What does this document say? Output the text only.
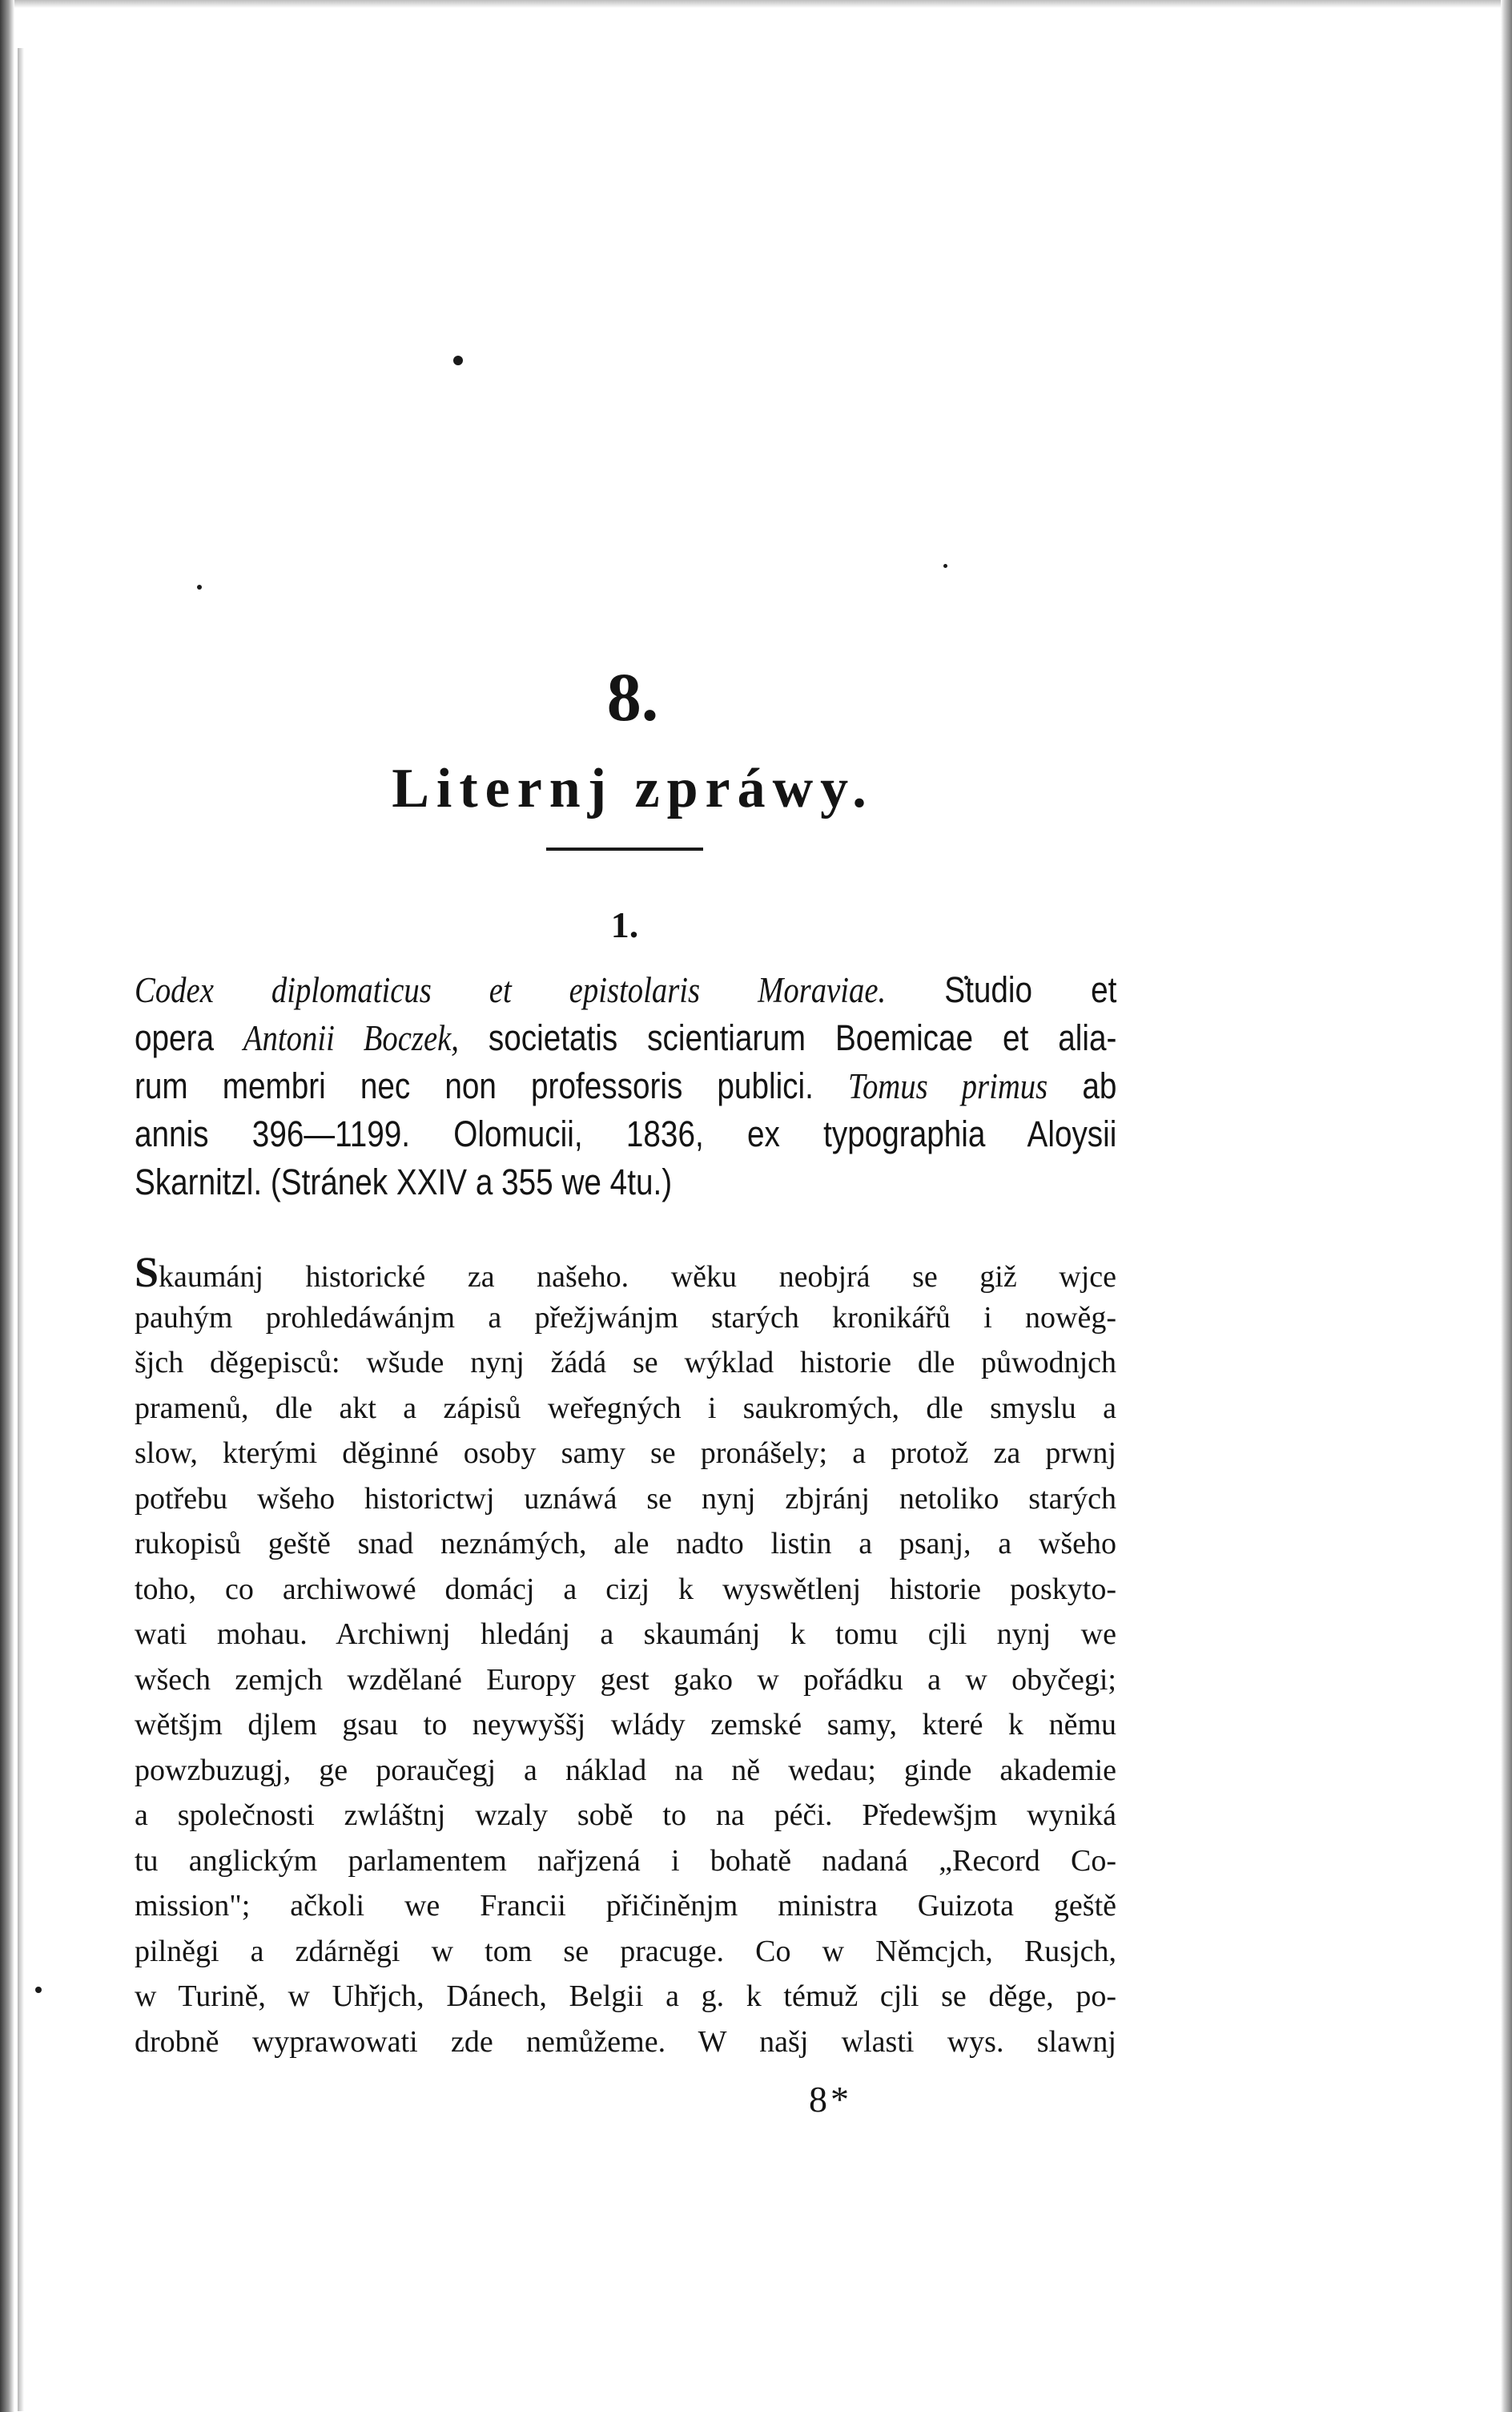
8.
Liternj zpráwy.
1.
Codex diplomaticus et epistolaris Moraviae. Studio et
opera Antonii Boczek, societatis scientiarum Boemicae et alia-
rum membri nec non professoris publici. Tomus primus ab
annis 396—1199. Olomucii, 1836, ex typographia Aloysii
Skarnitzl. (Stránek XXIV a 355 we 4tu.)
Skaumánj historické za našeho. wěku neobjrá se giž wjce
pauhým prohledáwánjm a přežjwánjm starých kronikářů i nowěg-
šjch děgepisců: wšude nynj žádá se wýklad historie dle půwodnjch
pramenů, dle akt a zápisů weřegných i saukromých, dle smyslu a
slow, kterými děginné osoby samy se pronášely; a protož za prwnj
potřebu wšeho historictwj uznáwá se nynj zbjránj netoliko starých
rukopisů geště snad neznámých, ale nadto listin a psanj, a wšeho
toho, co archiwowé domácj a cizj k wyswětlenj historie poskyto-
wati mohau. Archiwnj hledánj a skaumánj k tomu cjli nynj we
wšech zemjch wzdělané Europy gest gako w pořádku a w obyčegi;
wětšjm djlem gsau to neywyššj wlády zemské samy, které k němu
powzbuzugj, ge poraučegj a náklad na ně wedau; ginde akademie
a společnosti zwláštnj wzaly sobě to na péči. Předewšjm wyniká
tu anglickým parlamentem nařjzená i bohatě nadaná „Record Co-
mission"; ačkoli we Francii přičiněnjm ministra Guizota geště
pilněgi a zdárněgi w tom se pracuge. Co w Němcjch, Rusjch,
w Turině, w Uhřjch, Dánech, Belgii a g. k témuž cjli se děge, po-
drobně wyprawowati zde nemůžeme. W našj wlasti wys. slawnj
8*
